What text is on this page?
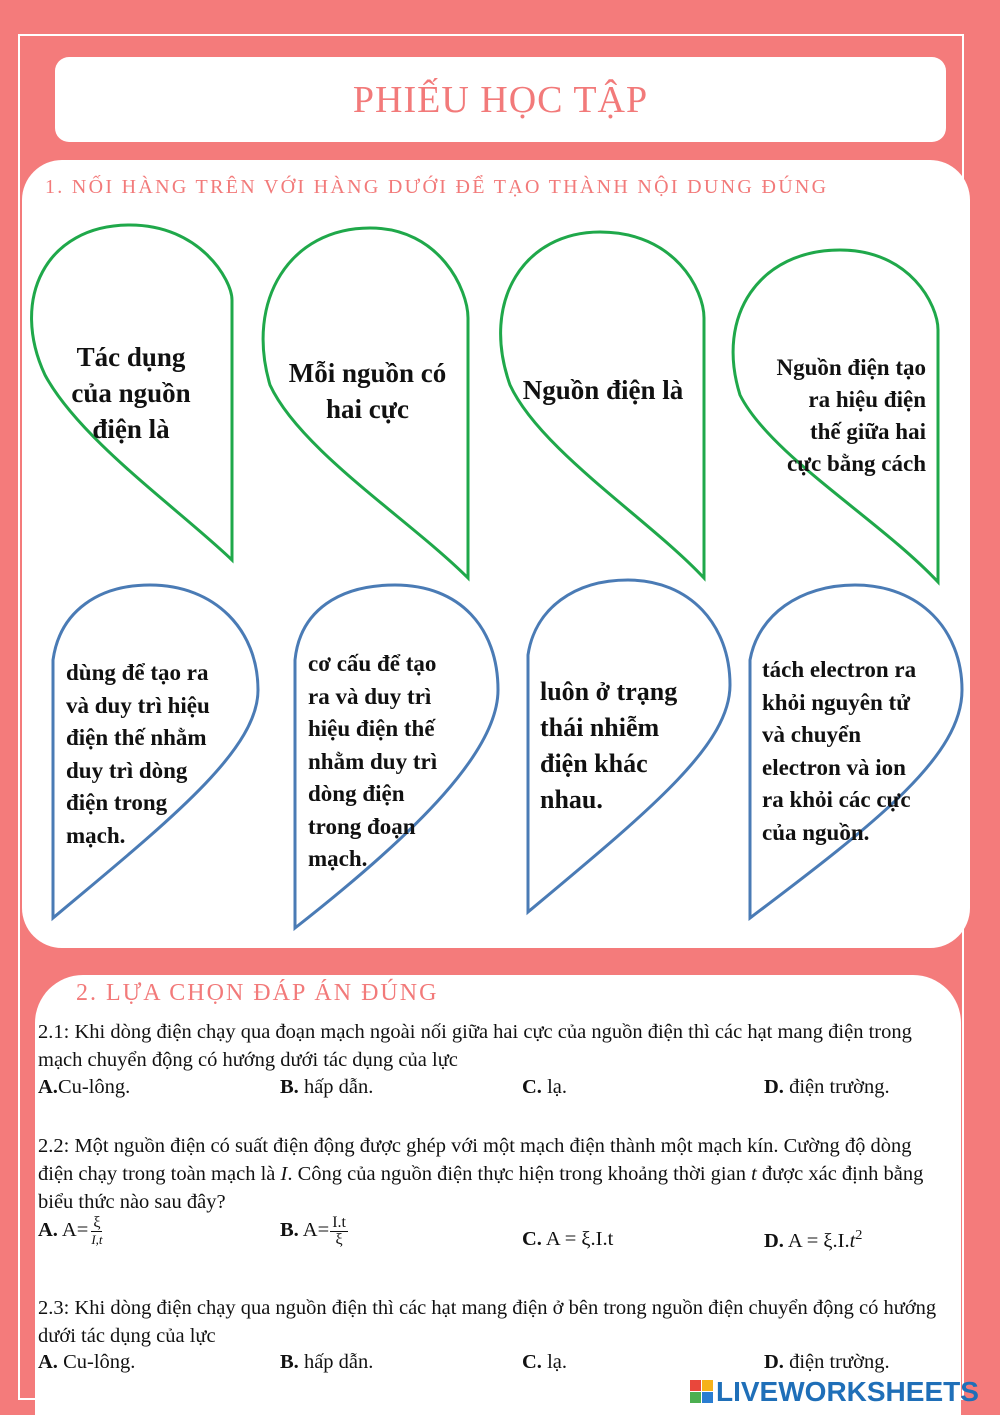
PHIẾU HỌC TẬP
1. NỐI HÀNG TRÊN VỚI HÀNG DƯỚI ĐỂ TẠO THÀNH NỘI DUNG ĐÚNG
Tác dụng
của nguồn
điện là
Mỗi nguồn có
hai cực
Nguồn điện là
Nguồn điện tạo
ra hiệu điện
thế giữa hai
cực bằng cách
dùng để tạo ra
và duy trì hiệu
điện thế nhằm
duy trì dòng
điện trong
mạch.
cơ cấu để tạo
ra và duy trì
hiệu điện thế
nhằm duy trì
dòng điện
trong đoạn
mạch.
luôn ở trạng
thái nhiễm
điện khác
nhau.
tách electron ra
khỏi nguyên tử
và chuyển
electron và ion
ra khỏi các cực
của nguồn.
2. LỰA CHỌN ĐÁP ÁN ĐÚNG
2.1: Khi dòng điện chạy qua đoạn mạch ngoài nối giữa hai cực của nguồn điện thì các hạt mang điện trong mạch chuyển động có hướng dưới tác dụng của lực
A.Cu-lông.	B. hấp dẫn.	C. lạ.	D. điện trường.
2.2: Một nguồn điện có suất điện động được ghép với một mạch điện thành một mạch kín. Cường độ dòng điện chạy trong toàn mạch là I. Công của nguồn điện thực hiện trong khoảng thời gian t được xác định bằng biểu thức nào sau đây?
A. $A= \frac{\xi}{I,t}$	B. $A= \frac{I.t}{\xi}$	C. A = ξ.I.t	D. $A = \xi.I.t^2$
2.3: Khi dòng điện chạy qua nguồn điện thì các hạt mang điện ở bên trong nguồn điện chuyển động có hướng dưới tác dụng của lực
A. Cu-lông.	B. hấp dẫn.	C. lạ.	D. điện trường.
LIVEWORKSHEETS
